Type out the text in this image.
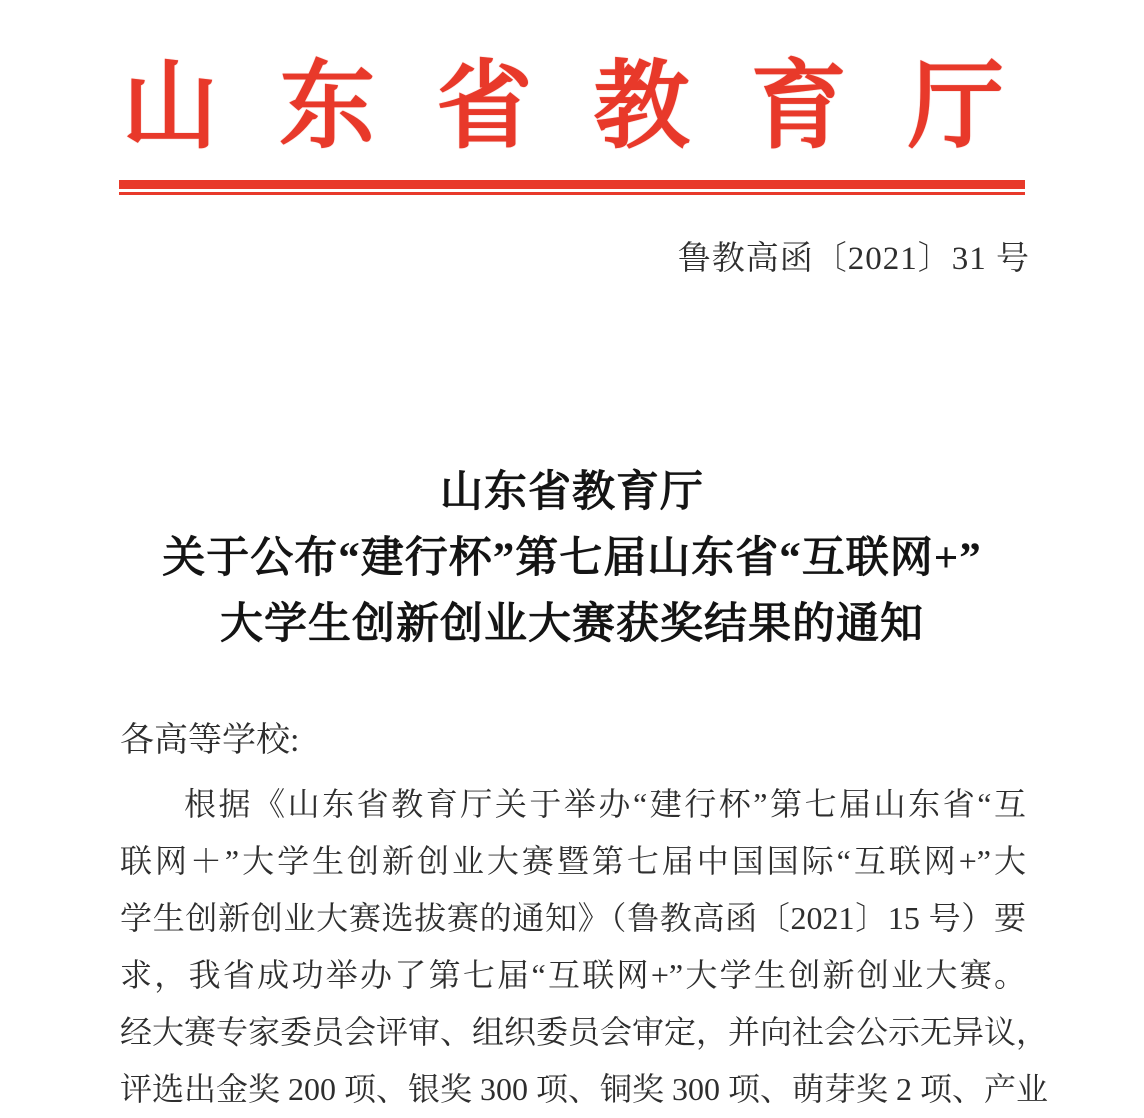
山 东 省 教 育 厅
鲁教高函〔2021〕31 号
山东省教育厅
关于公布“建行杯”第七届山东省“互联网+”
大学生创新创业大赛获奖结果的通知
各高等学校:
根据《山东省教育厅关于举办“建行杯”第七届山东省“互
联网＋”大学生创新创业大赛暨第七届中国国际“互联网+”大
学生创新创业大赛选拔赛的通知》（鲁教高函〔2021〕15 号）要
求，我省成功举办了第七届“互联网+”大学生创新创业大赛。
经大赛专家委员会评审、组织委员会审定，并向社会公示无异议，
评选出金奖 200 项、银奖 300 项、铜奖 300 项、萌芽奖 2 项、产业
